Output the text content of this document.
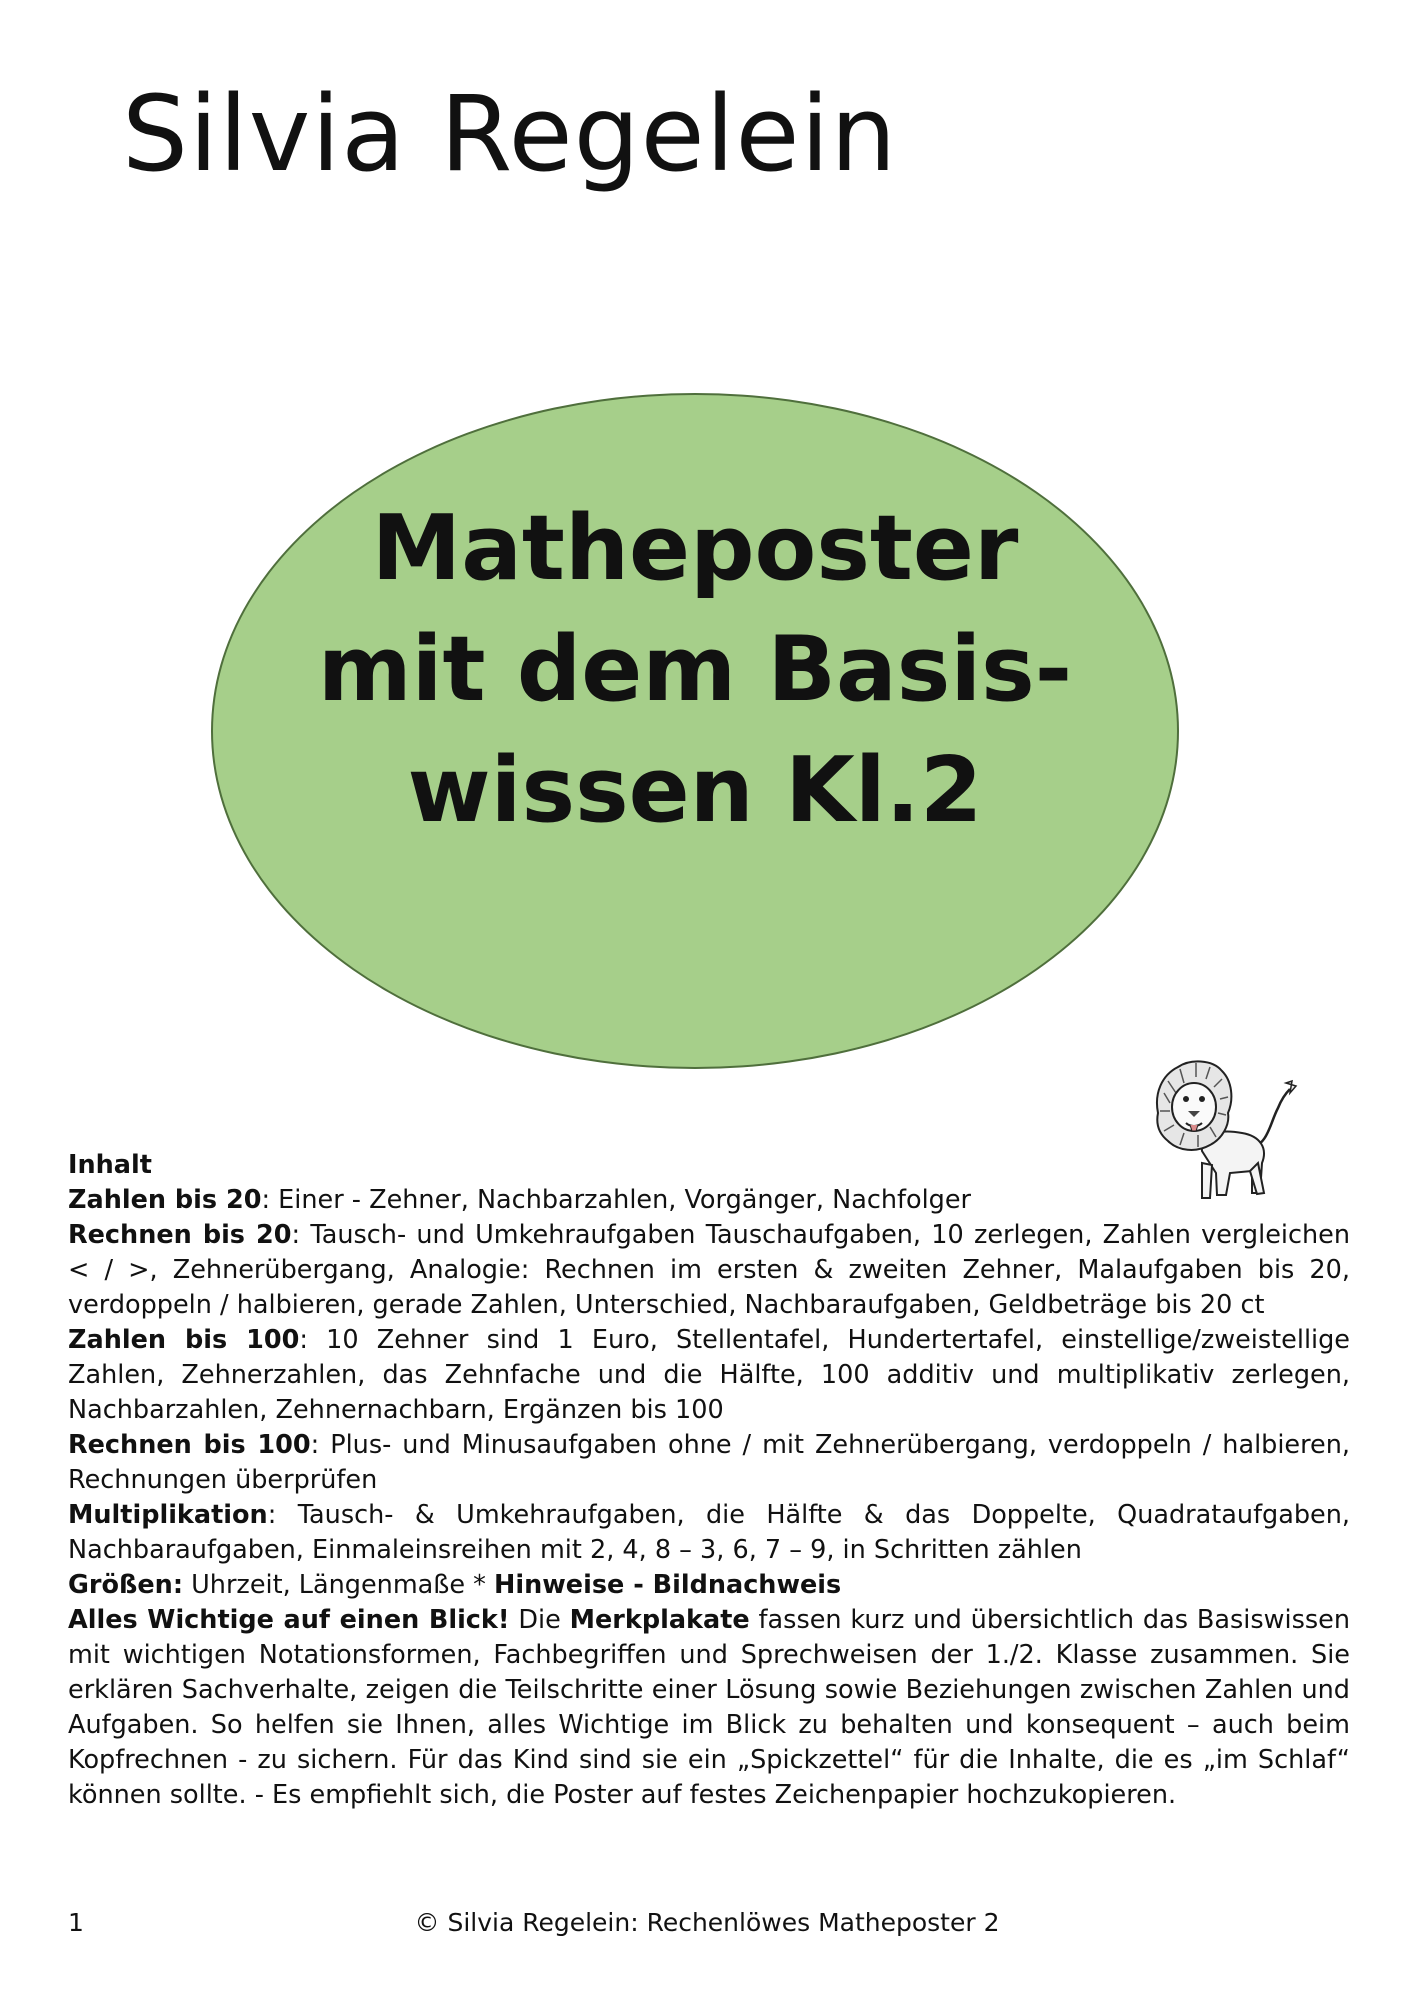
Silvia Regelein
Matheposter
mit dem Basis-
wissen Kl.2

Inhalt

Zahlen bis 20: Einer - Zehner, Nachbarzahlen, Vorgänger, Nachfolger

Rechnen bis 20: Tausch- und Umkehraufgaben Tauschaufgaben, 10 zerlegen, Zahlen vergleichen < / >, Zehnerübergang, Analogie: Rechnen im ersten & zweiten Zehner, Malaufgaben bis 20, verdoppeln / halbieren, gerade Zahlen, Unterschied, Nachbaraufgaben, Geldbeträge bis 20 ct

Zahlen bis 100: 10 Zehner sind 1 Euro, Stellentafel, Hundertertafel, einstellige/zweistellige Zahlen, Zehnerzahlen, das Zehnfache und die Hälfte, 100 additiv und multiplikativ zerlegen, Nachbarzahlen, Zehnernachbarn, Ergänzen bis 100

Rechnen bis 100: Plus- und Minusaufgaben ohne / mit Zehnerübergang, verdoppeln / halbieren, Rechnungen überprüfen

Multiplikation: Tausch- & Umkehraufgaben, die Hälfte & das Doppelte, Quadrataufgaben, Nachbaraufgaben, Einmaleinsreihen mit 2, 4, 8 – 3, 6, 7 – 9, in Schritten zählen

Größen: Uhrzeit, Längenmaße * Hinweise - Bildnachweis

Alles Wichtige auf einen Blick! Die Merkplakate fassen kurz und übersichtlich das Basiswissen mit wichtigen Notationsformen, Fachbegriffen und Sprechweisen der 1./2. Klasse zusammen. Sie erklären Sachverhalte, zeigen die Teilschritte einer Lösung sowie Beziehungen zwischen Zahlen und Aufgaben. So helfen sie Ihnen, alles Wichtige im Blick zu behalten und konsequent – auch beim Kopfrechnen - zu sichern. Für das Kind sind sie ein „Spickzettel“ für die Inhalte, die es „im Schlaf“ können sollte. - Es empfiehlt sich, die Poster auf festes Zeichenpapier hochzukopieren.

1	© Silvia Regelein: Rechenlöwes Matheposter 2
